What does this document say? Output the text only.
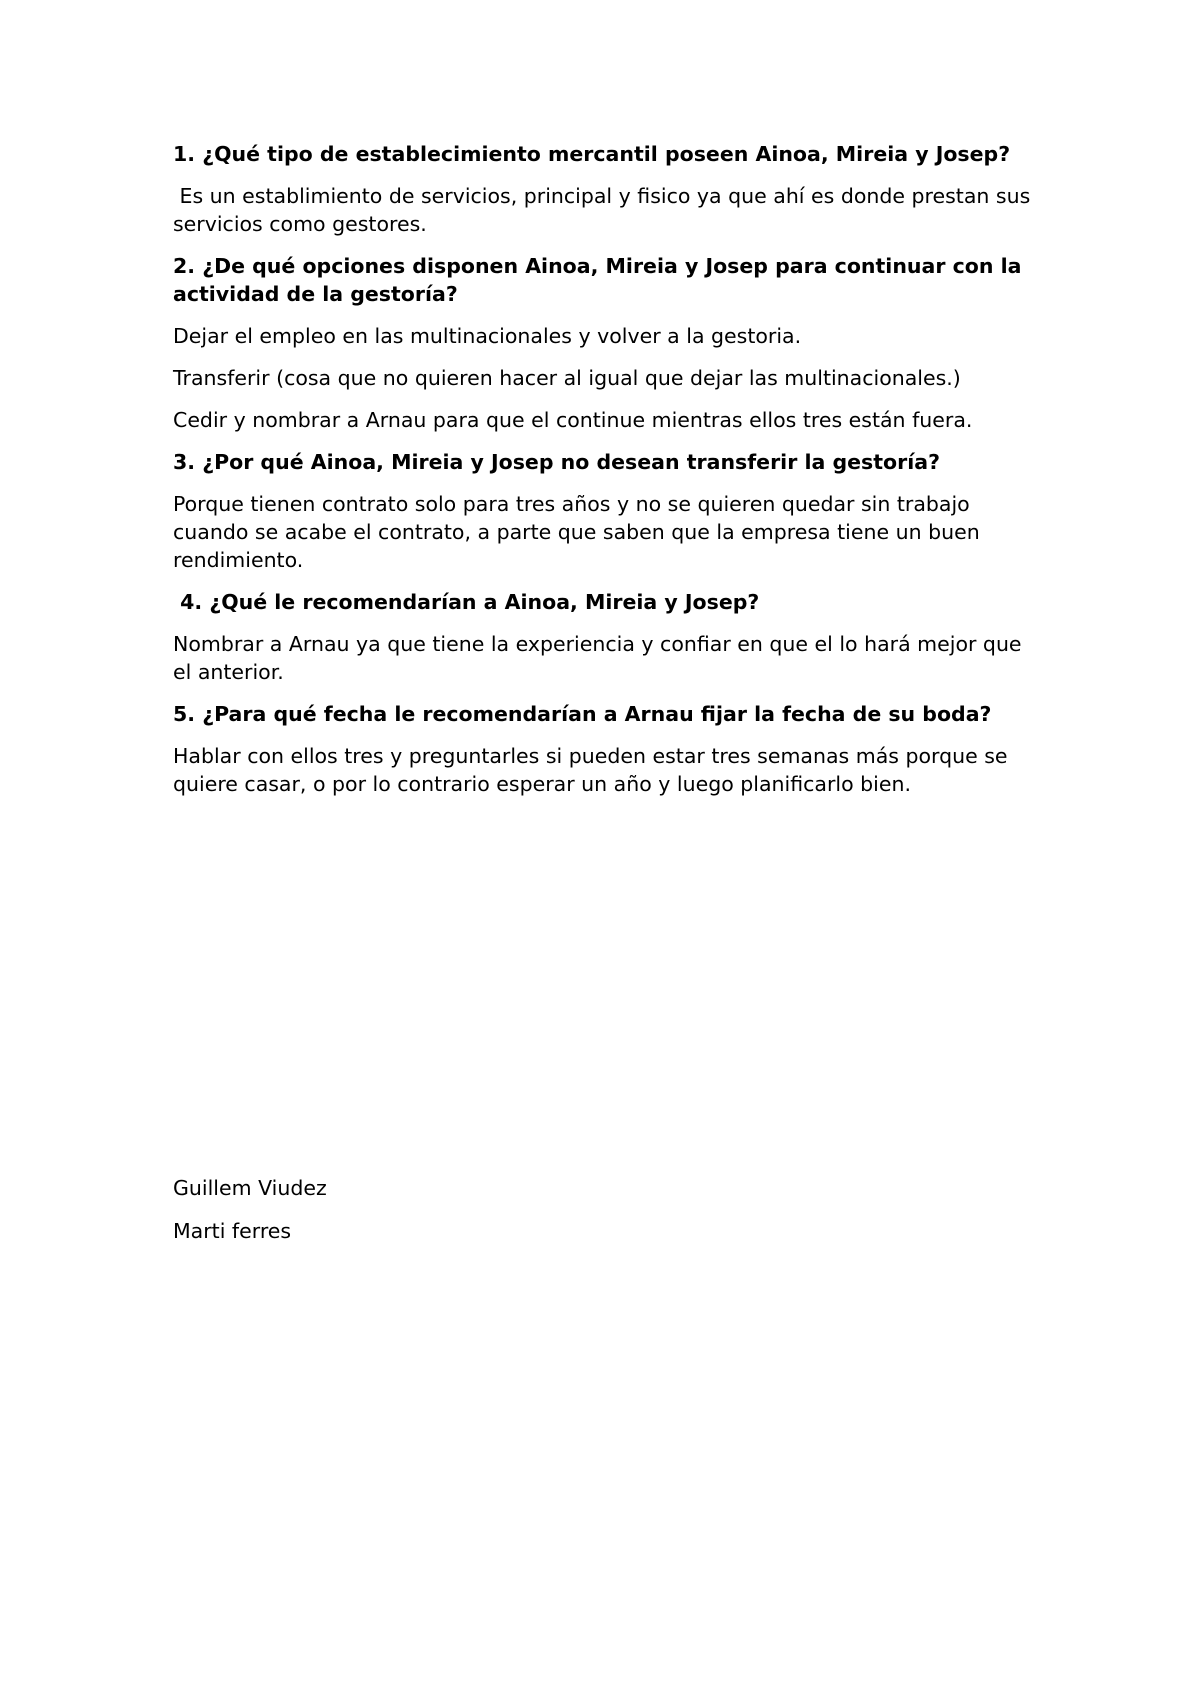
1. ¿Qué tipo de establecimiento mercantil poseen Ainoa, Mireia y Josep?

Es un establimiento de servicios, principal y fisico ya que ahí es donde prestan sus servicios como gestores.

2. ¿De qué opciones disponen Ainoa, Mireia y Josep para continuar con la actividad de la gestoría?

Dejar el empleo en las multinacionales y volver a la gestoria.

Transferir (cosa que no quieren hacer al igual que dejar las multinacionales.)

Cedir y nombrar a Arnau para que el continue mientras ellos tres están fuera.

3. ¿Por qué Ainoa, Mireia y Josep no desean transferir la gestoría?

Porque tienen contrato solo para tres años y no se quieren quedar sin trabajo cuando se acabe el contrato, a parte que saben que la empresa tiene un buen rendimiento.

4. ¿Qué le recomendarían a Ainoa, Mireia y Josep?

Nombrar a Arnau ya que tiene la experiencia y confiar en que el lo hará mejor que el anterior.

5. ¿Para qué fecha le recomendarían a Arnau fijar la fecha de su boda?

Hablar con ellos tres y preguntarles si pueden estar tres semanas más porque se quiere casar, o por lo contrario esperar un año y luego planificarlo bien.

Guillem Viudez

Marti ferres
